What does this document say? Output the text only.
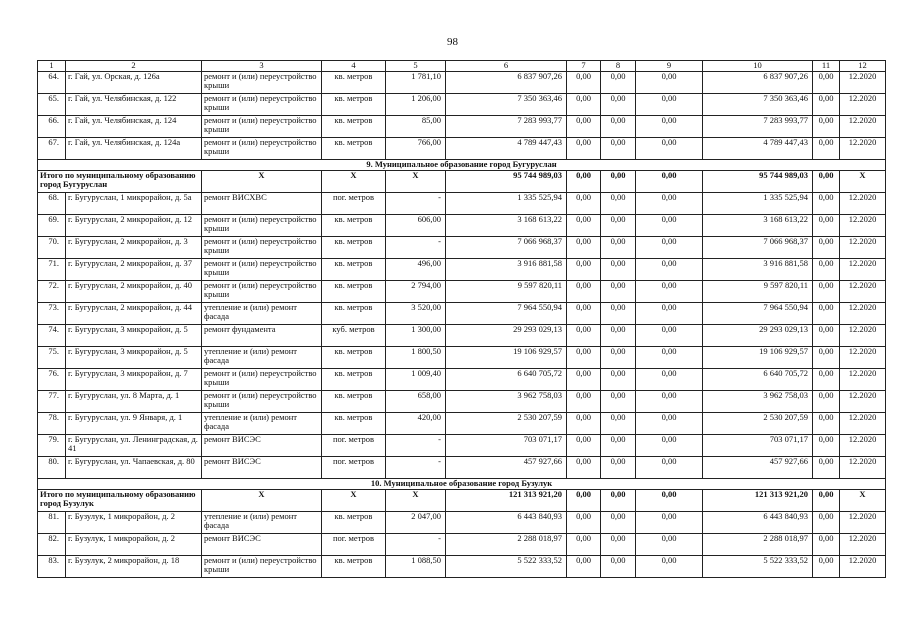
98
1	2	3	4	5	6	7	8	9	10	11	12	
64.	г. Гай, ул. Орская, д. 126а	ремонт и (или) переустройство крыши	кв. метров	1 781,10	6 837 907,26	0,00	0,00	0,00	6 837 907,26	0,00	12.2020	
65.	г. Гай, ул. Челябинская, д. 122	ремонт и (или) переустройство крыши	кв. метров	1 206,00	7 350 363,46	0,00	0,00	0,00	7 350 363,46	0,00	12.2020	
66.	г. Гай, ул. Челябинская, д. 124	ремонт и (или) переустройство крыши	кв. метров	85,00	7 283 993,77	0,00	0,00	0,00	7 283 993,77	0,00	12.2020	
67.	г. Гай, ул. Челябинская, д. 124а	ремонт и (или) переустройство крыши	кв. метров	766,00	4 789 447,43	0,00	0,00	0,00	4 789 447,43	0,00	12.2020	
9. Муниципальное образование город Бугуруслан												
Итого по муниципальному образованию город Бугуруслан		X	X	X	95 744 989,03	0,00	0,00	0,00	95 744 989,03	0,00	X	
68.	г. Бугуруслан, 1 микрорайон, д. 5а	ремонт ВИСХВС	пог. метров	-	1 335 525,94	0,00	0,00	0,00	1 335 525,94	0,00	12.2020	
69.	г. Бугуруслан, 2 микрорайон, д. 12	ремонт и (или) переустройство крыши	кв. метров	606,00	3 168 613,22	0,00	0,00	0,00	3 168 613,22	0,00	12.2020	
70.	г. Бугуруслан, 2 микрорайон, д. 3	ремонт и (или) переустройство крыши	кв. метров	-	7 066 968,37	0,00	0,00	0,00	7 066 968,37	0,00	12.2020	
71.	г. Бугуруслан, 2 микрорайон, д. 37	ремонт и (или) переустройство крыши	кв. метров	496,00	3 916 881,58	0,00	0,00	0,00	3 916 881,58	0,00	12.2020	
72.	г. Бугуруслан, 2 микрорайон, д. 40	ремонт и (или) переустройство крыши	кв. метров	2 794,00	9 597 820,11	0,00	0,00	0,00	9 597 820,11	0,00	12.2020	
73.	г. Бугуруслан, 2 микрорайон, д. 44	утепление и (или) ремонт фасада	кв. метров	3 520,00	7 964 550,94	0,00	0,00	0,00	7 964 550,94	0,00	12.2020	
74.	г. Бугуруслан, 3 микрорайон, д. 5	ремонт фундамента	куб. метров	1 300,00	29 293 029,13	0,00	0,00	0,00	29 293 029,13	0,00	12.2020	
75.	г. Бугуруслан, 3 микрорайон, д. 5	утепление и (или) ремонт фасада	кв. метров	1 800,50	19 106 929,57	0,00	0,00	0,00	19 106 929,57	0,00	12.2020	
76.	г. Бугуруслан, 3 микрорайон, д. 7	ремонт и (или) переустройство крыши	кв. метров	1 009,40	6 640 705,72	0,00	0,00	0,00	6 640 705,72	0,00	12.2020	
77.	г. Бугуруслан, ул. 8 Марта, д. 1	ремонт и (или) переустройство крыши	кв. метров	658,00	3 962 758,03	0,00	0,00	0,00	3 962 758,03	0,00	12.2020	
78.	г. Бугуруслан, ул. 9 Января, д. 1	утепление и (или) ремонт фасада	кв. метров	420,00	2 530 207,59	0,00	0,00	0,00	2 530 207,59	0,00	12.2020	
79.	г. Бугуруслан, ул. Ленинградская, д. 41	ремонт ВИСЭС	пог. метров	-	703 071,17	0,00	0,00	0,00	703 071,17	0,00	12.2020	
80.	г. Бугуруслан, ул. Чапаевская, д. 80	ремонт ВИСЭС	пог. метров	-	457 927,66	0,00	0,00	0,00	457 927,66	0,00	12.2020	
10. Муниципальное образование город Бузулук												
Итого по муниципальному образованию город Бузулук		X	X	X	121 313 921,20	0,00	0,00	0,00	121 313 921,20	0,00	X	
81.	г. Бузулук, 1 микрорайон, д. 2	утепление и (или) ремонт фасада	кв. метров	2 047,00	6 443 840,93	0,00	0,00	0,00	6 443 840,93	0,00	12.2020	
82.	г. Бузулук, 1 микрорайон, д. 2	ремонт ВИСЭС	пог. метров	-	2 288 018,97	0,00	0,00	0,00	2 288 018,97	0,00	12.2020	
83.	г. Бузулук, 2 микрорайон, д. 18	ремонт и (или) переустройство крыши	кв. метров	1 088,50	5 522 333,52	0,00	0,00	0,00	5 522 333,52	0,00	12.2020	
